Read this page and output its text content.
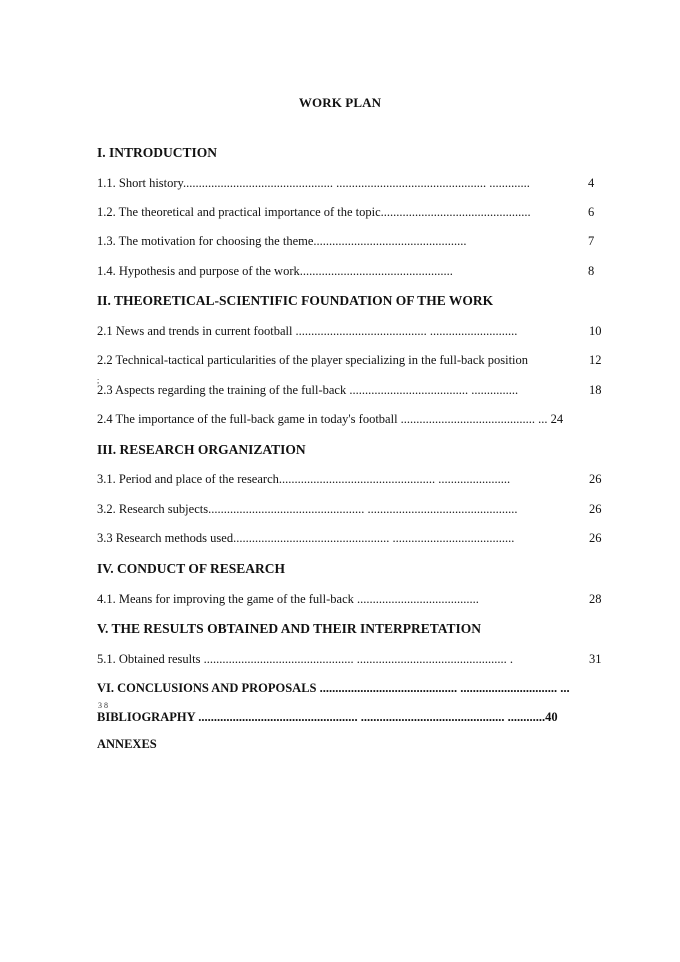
WORK PLAN
I. INTRODUCTION
1.1. Short history................................................ ................................................ .............	4
1.2. The theoretical and practical importance of the topic................................................	6
1.3. The motivation for choosing the theme.................................................	7
1.4. Hypothesis and purpose of the work.................................................	8
II. THEORETICAL-SCIENTIFIC FOUNDATION OF THE WORK
2.1 News and trends in current football .......................................... ............................	10
2.2 Technical-tactical particularities of the player specializing in the full-back position	12
;
2.3 Aspects regarding the training of the full-back ...................................... ...............	18
2.4 The importance of the full-back game in today's football ........................................... ... 24
III. RESEARCH ORGANIZATION
3.1. Period and place of the research.................................................. .......................	26
3.2. Research subjects.................................................. ................................................	26
3.3 Research methods used.................................................. .......................................	26
IV. CONDUCT OF RESEARCH
4.1. Means for improving the game of the full-back .......................................	28
V. THE RESULTS OBTAINED AND THEIR INTERPRETATION
5.1. Obtained results ................................................ ................................................ .	31
VI. CONCLUSIONS AND PROPOSALS ............................................ ............................... ...
3 8
BIBLIOGRAPHY ................................................... .............................................. ............40
ANNEXES
